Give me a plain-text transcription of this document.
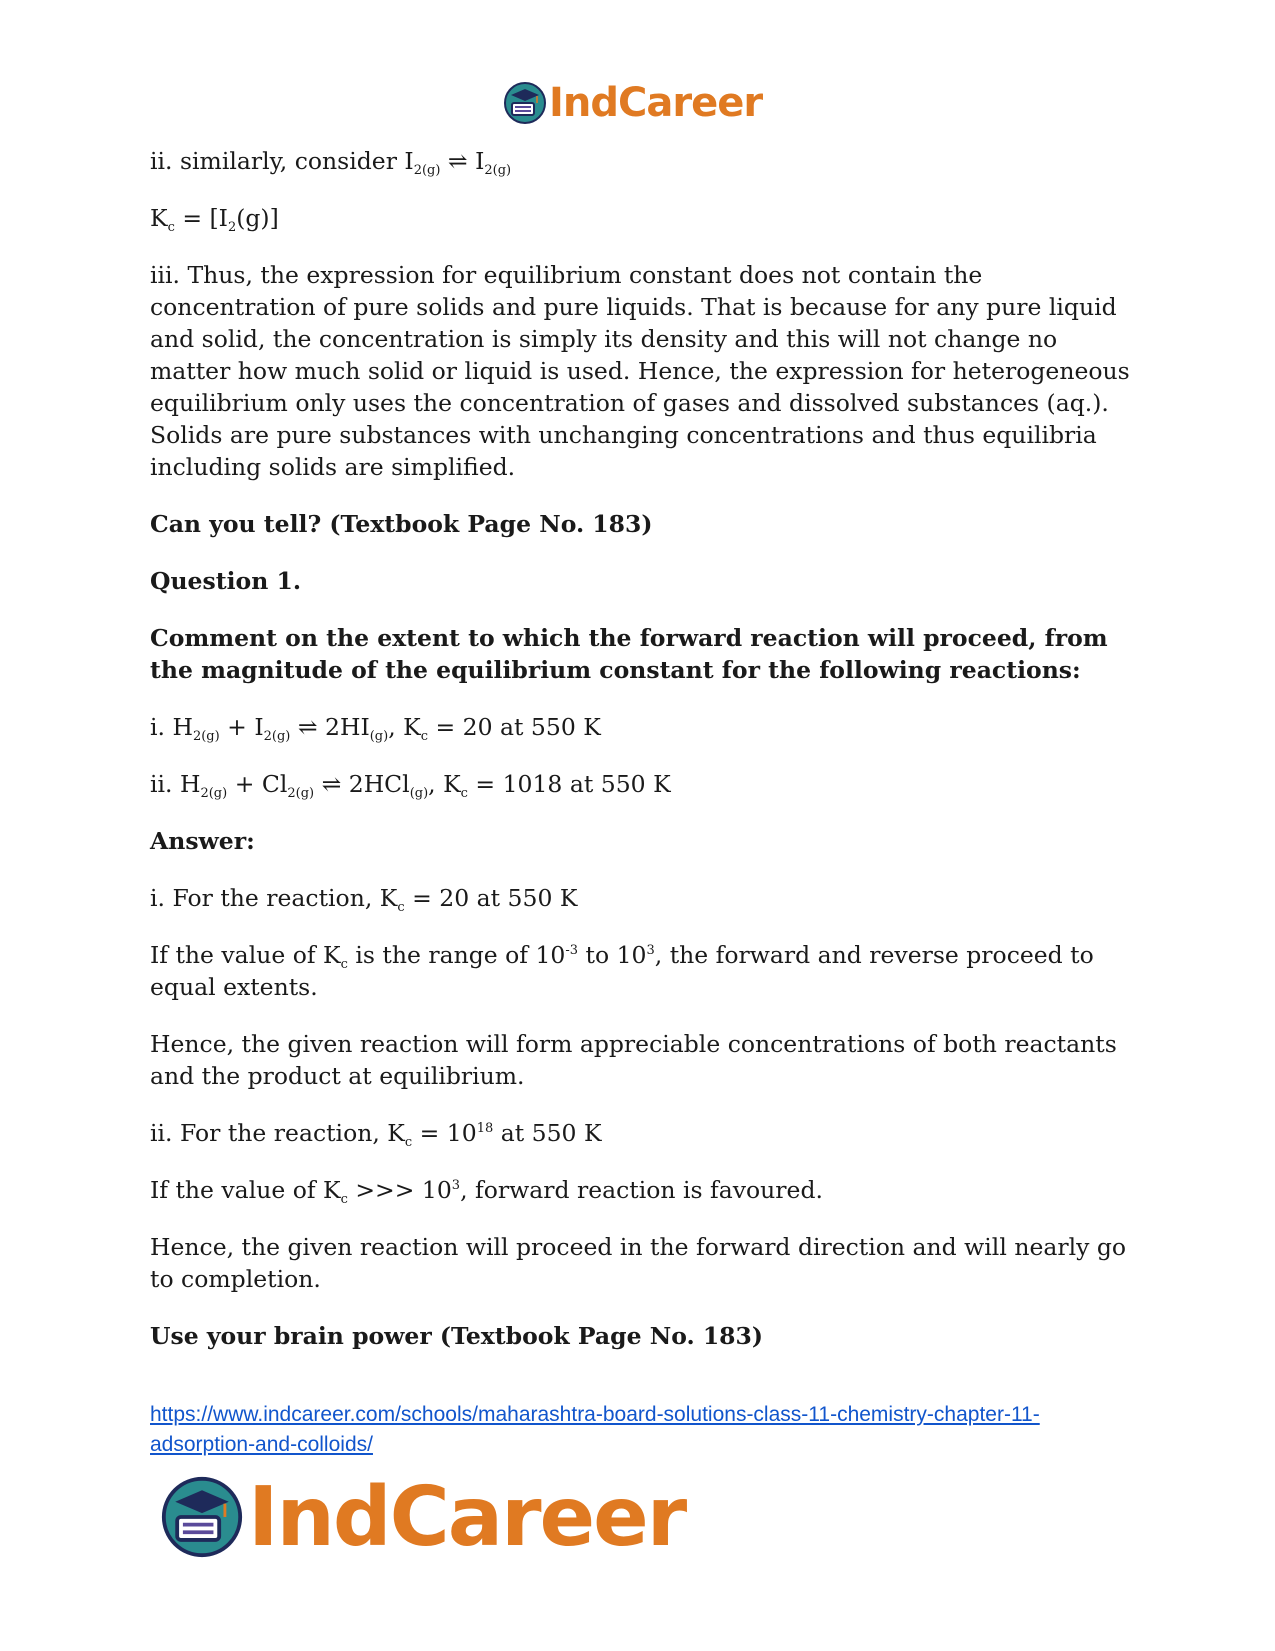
IndCareer

ii. similarly, consider $I_{2(g)}$ ⇌ $I_{2(g)}$

$K_c = [I_2(g)]$

iii. Thus, the expression for equilibrium constant does not contain the concentration of pure solids and pure liquids. That is because for any pure liquid and solid, the concentration is simply its density and this will not change no matter how much solid or liquid is used. Hence, the expression for heterogeneous equilibrium only uses the concentration of gases and dissolved substances (aq.). Solids are pure substances with unchanging concentrations and thus equilibria including solids are simplified.

Can you tell? (Textbook Page No. 183)

Question 1.

Comment on the extent to which the forward reaction will proceed, from the magnitude of the equilibrium constant for the following reactions:

i. $H_{2(g)} + I_{2(g)}$ ⇌ $2HI_{(g)}$, $K_c = 20$ at 550 K

ii. $H_{2(g)} + Cl_{2(g)}$ ⇌ 2HCl$_{(g)}$, $K_c = 1018$ at 550 K

Answer:

i. For the reaction, $K_c = 20$ at 550 K

If the value of $K_c$ is the range of $10^{-3}$ to $10^3$, the forward and reverse proceed to equal extents.

Hence, the given reaction will form appreciable concentrations of both reactants and the product at equilibrium.

ii. For the reaction, $K_c = 10^{18}$ at 550 K

If the value of $K_c$ >>> $10^3$, forward reaction is favoured.

Hence, the given reaction will proceed in the forward direction and will nearly go to completion.

Use your brain power (Textbook Page No. 183)

https://www.indcareer.com/schools/maharashtra-board-solutions-class-11-chemistry-chapter-11-adsorption-and-colloids/
IndCareer
